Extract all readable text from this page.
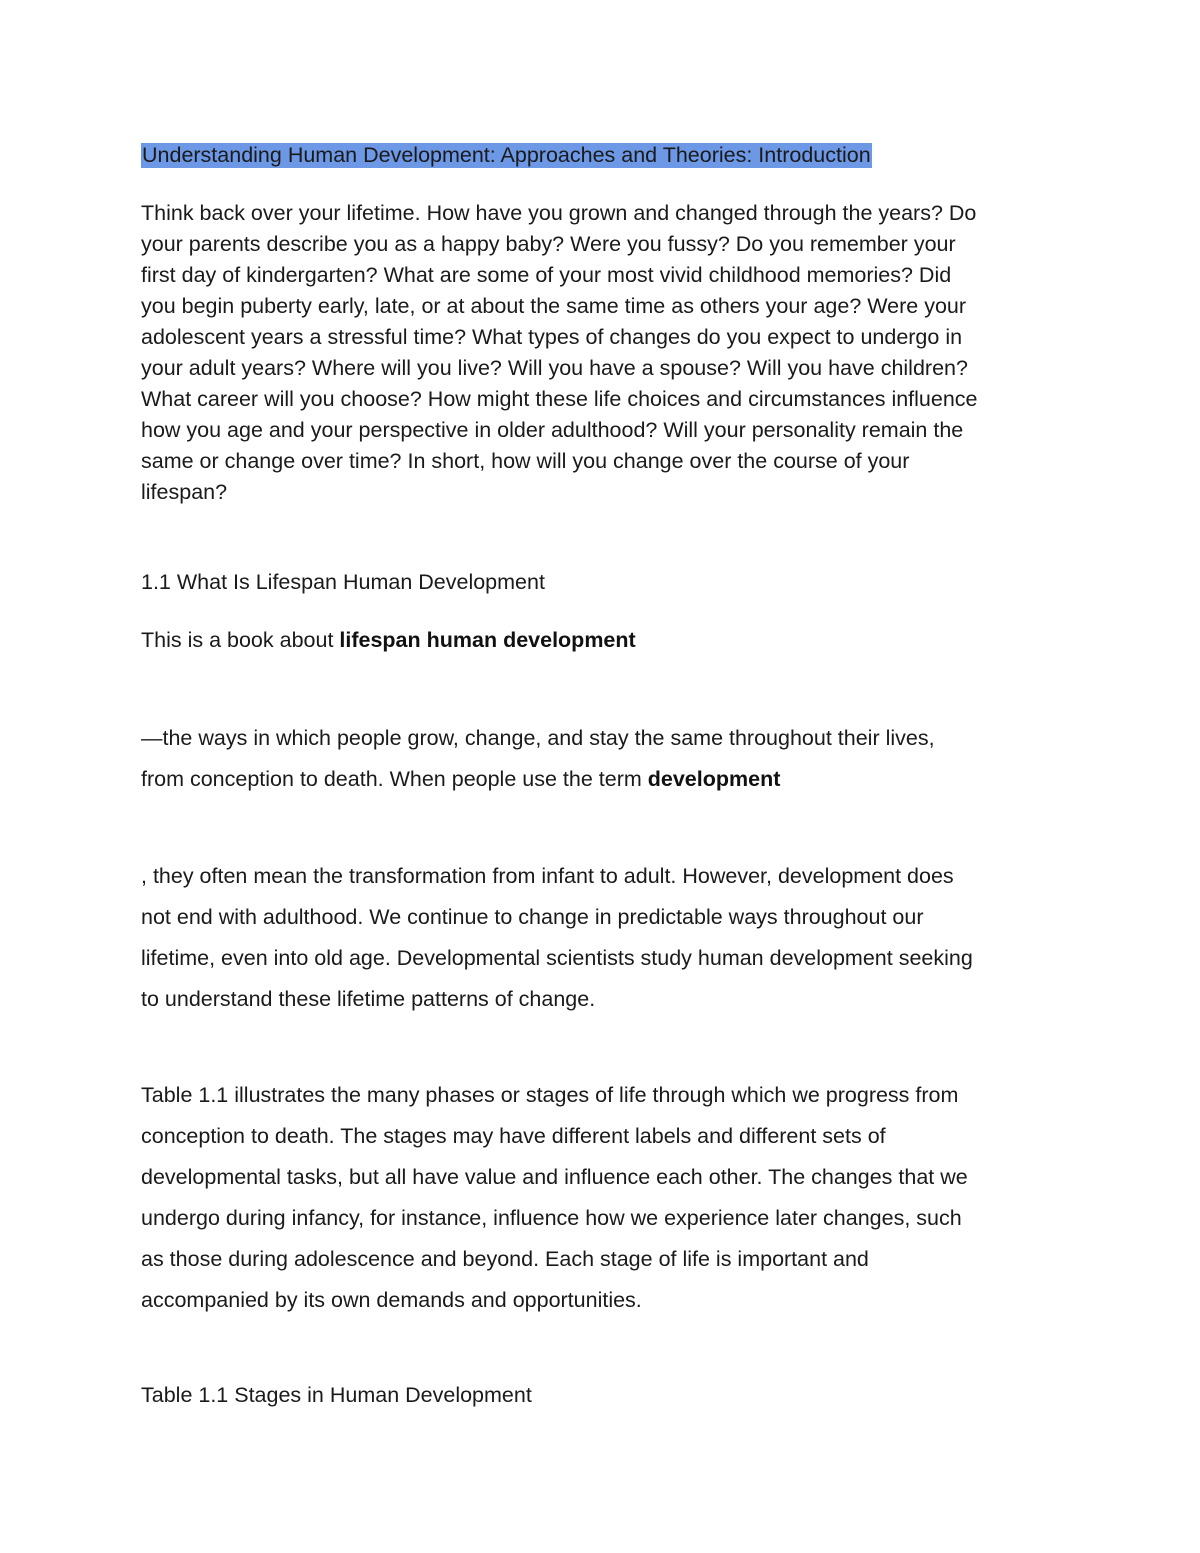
Understanding Human Development: Approaches and Theories: Introduction

Think back over your lifetime. How have you grown and changed through the years? Do
your parents describe you as a happy baby? Were you fussy? Do you remember your
first day of kindergarten? What are some of your most vivid childhood memories? Did
you begin puberty early, late, or at about the same time as others your age? Were your
adolescent years a stressful time? What types of changes do you expect to undergo in
your adult years? Where will you live? Will you have a spouse? Will you have children?
What career will you choose? How might these life choices and circumstances influence
how you age and your perspective in older adulthood? Will your personality remain the
same or change over time? In short, how will you change over the course of your
lifespan?

1.1 What Is Lifespan Human Development

This is a book about lifespan human development

—the ways in which people grow, change, and stay the same throughout their lives,
from conception to death. When people use the term development

, they often mean the transformation from infant to adult. However, development does
not end with adulthood. We continue to change in predictable ways throughout our
lifetime, even into old age. Developmental scientists study human development seeking
to understand these lifetime patterns of change.

Table 1.1 illustrates the many phases or stages of life through which we progress from
conception to death. The stages may have different labels and different sets of
developmental tasks, but all have value and influence each other. The changes that we
undergo during infancy, for instance, influence how we experience later changes, such
as those during adolescence and beyond. Each stage of life is important and
accompanied by its own demands and opportunities.

Table 1.1 Stages in Human Development
